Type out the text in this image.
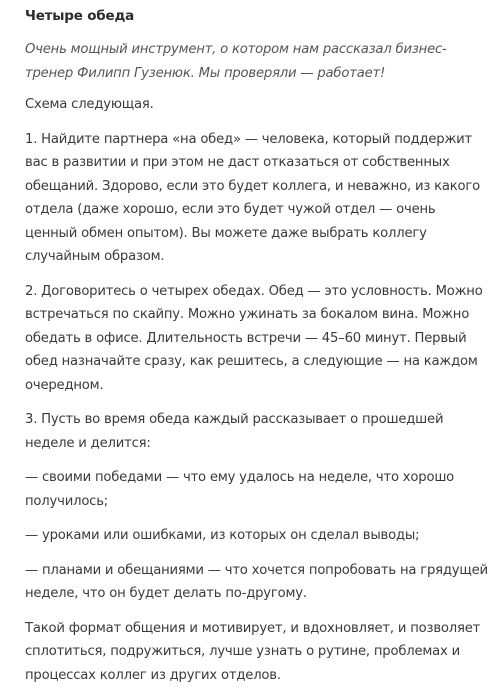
Четыре обеда

Очень мощный инструмент, о котором нам рассказал бизнес-тренер Филипп Гузенюк. Мы проверяли — работает!

Схема следующая.

1. Найдите партнера «на обед» — человека, который поддержит вас в развитии и при этом не даст отказаться от собственных обещаний. Здорово, если это будет коллега, и неважно, из какого отдела (даже хорошо, если это будет чужой отдел — очень ценный обмен опытом). Вы можете даже выбрать коллегу случайным образом.

2. Договоритесь о четырех обедах. Обед — это условность. Можно встречаться по скайпу. Можно ужинать за бокалом вина. Можно обедать в офисе. Длительность встречи — 45–60 минут. Первый обед назначайте сразу, как решитесь, а следующие — на каждом очередном.

3. Пусть во время обеда каждый рассказывает о прошедшей неделе и делится:

— своими победами — что ему удалось на неделе, что хорошо получилось;

— уроками или ошибками, из которых он сделал выводы;

— планами и обещаниями — что хочется попробовать на грядущей неделе, что он будет делать по-другому.

Такой формат общения и мотивирует, и вдохновляет, и позволяет сплотиться, подружиться, лучше узнать о рутине, проблемах и процессах коллег из других отделов.
